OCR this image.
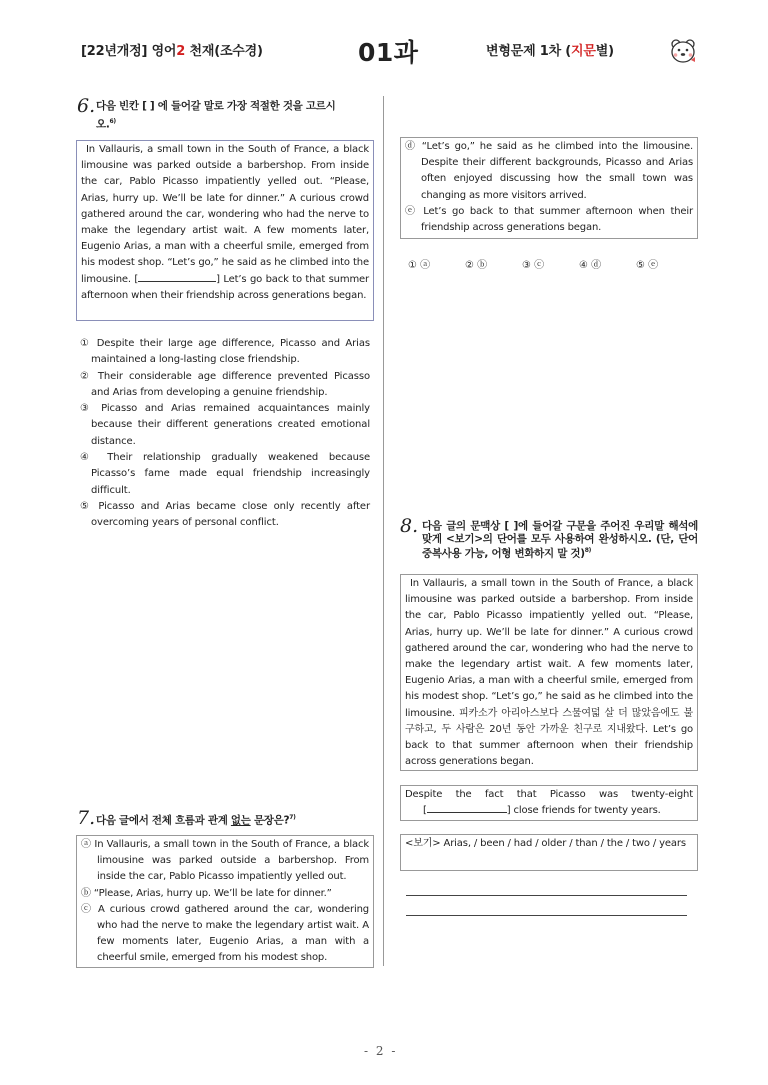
[22년개정] 영어2 천재(조수경)	01과	변형문제 1차 (지문별)
6. 다음 빈칸 [ ] 에 들어갈 말로 가장 적절한 것을 고르시
오.$^{6)}$
In Vallauris, a small town in the South of France, a black limousine was parked outside a barbershop. From inside the car, Pablo Picasso impatiently yelled out. “Please, Arias, hurry up. We’ll be late for dinner.” A curious crowd gathered around the car, wondering who had the nerve to make the legendary artist wait. A few moments later, Eugenio Arias, a man with a cheerful smile, emerged from his modest shop. “Let’s go,” he said as he climbed into the limousine. [	] Let’s go back to that summer afternoon when their friendship across generations began.
① Despite their large age difference, Picasso and Arias maintained a long-lasting close friendship.
② Their considerable age difference prevented Picasso and Arias from developing a genuine friendship.
③ Picasso and Arias remained acquaintances mainly because their different generations created emotional distance.
④ Their relationship gradually weakened because Picasso’s fame made equal friendship increasingly difficult.
⑤ Picasso and Arias became close only recently after overcoming years of personal conflict.
7. 다음 글에서 전체 흐름과 관계 없는 문장은?$^{7)}$
ⓐ In Vallauris, a small town in the South of France, a black limousine was parked outside a barbershop. From inside the car, Pablo Picasso impatiently yelled out.
ⓑ “Please, Arias, hurry up. We’ll be late for dinner.”
ⓒ A curious crowd gathered around the car, wondering who had the nerve to make the legendary artist wait. A few moments later, Eugenio Arias, a man with a cheerful smile, emerged from his modest shop.
ⓓ “Let’s go,” he said as he climbed into the limousine. Despite their different backgrounds, Picasso and Arias often enjoyed discussing how the small town was changing as more visitors arrived.
ⓔ Let’s go back to that summer afternoon when their friendship across generations began.
① ⓐ	② ⓑ	③ ⓒ	④ ⓓ	⑤ ⓔ
8. 다음 글의 문맥상 [ ]에 들어갈 구문을 주어진 우리말 해석에 맞게 <보기>의 단어를 모두 사용하여 완성하시오. (단, 단어 중복사용 가능, 어형 변화하지 말 것)$^{8)}$
In Vallauris, a small town in the South of France, a black limousine was parked outside a barbershop. From inside the car, Pablo Picasso impatiently yelled out. “Please, Arias, hurry up. We’ll be late for dinner.” A curious crowd gathered around the car, wondering who had the nerve to make the legendary artist wait. A few moments later, Eugenio Arias, a man with a cheerful smile, emerged from his modest shop. “Let’s go,” he said as he climbed into the limousine. 피카소가 아리아스보다 스물여덟 살 더 많았음에도 불구하고, 두 사람은 20년 동안 가까운 친구로 지내왔다. Let’s go back to that summer afternoon when their friendship across generations began.
Despite the fact that Picasso was twenty-eight
[	] close friends for twenty years.
<보기> Arias, / been / had / older / than / the / two / years
- 2 -
